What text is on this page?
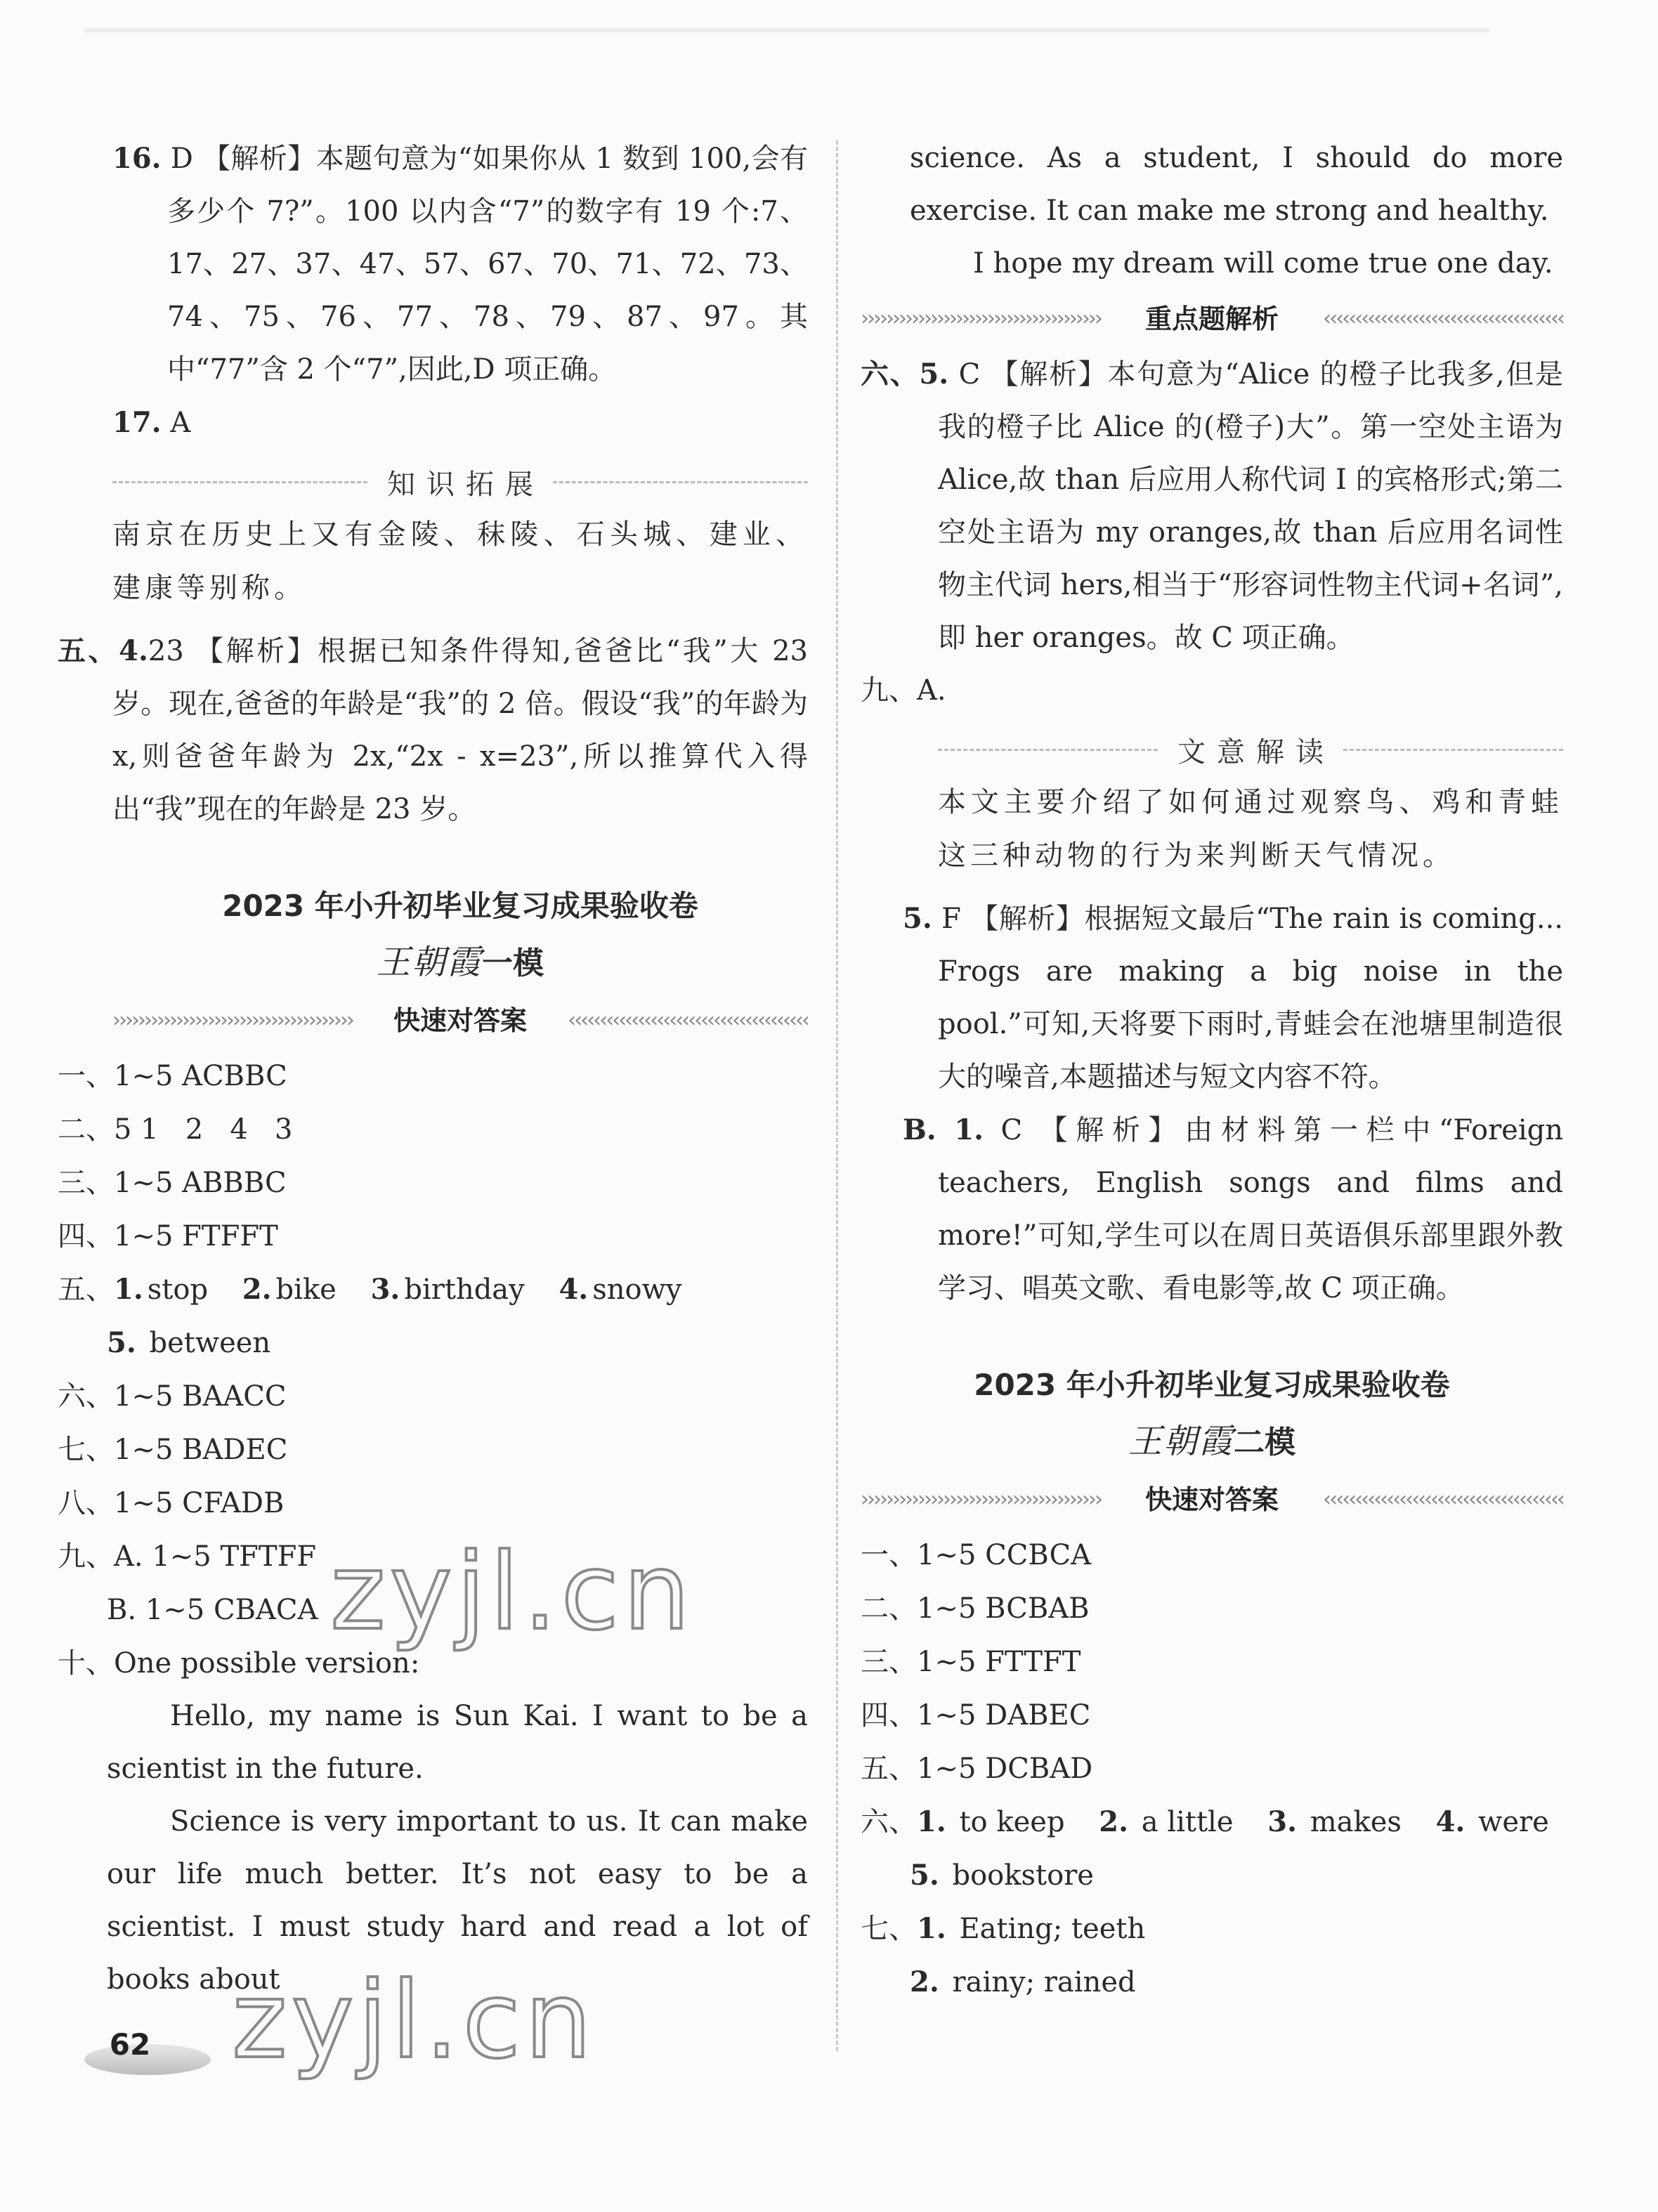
16. D 【解析】本题句意为“如果你从 1 数到 100,会有多少个 7?”。100 以内含“7”的数字有 19 个:7、17、27、37、47、57、67、70、71、72、73、74、75、76、77、78、79、87、97。其中“77”含 2 个“7”,因此,D 项正确。

17. A

知识拓展

南京在历史上又有金陵、秣陵、石头城、建业、建康等别称。

五、4.23 【解析】根据已知条件得知,爸爸比“我”大 23 岁。现在,爸爸的年龄是“我”的 2 倍。假设“我”的年龄为 x,则爸爸年龄为 2x,“2x - x=23”,所以推算代入得出“我”现在的年龄是 23 岁。

2023 年小升初毕业复习成果验收卷

王朝霞一模

››››››››››››››››››››››››››››››››››››››	快速对答案	‹‹‹‹‹‹‹‹‹‹‹‹‹‹‹‹‹‹‹‹‹‹‹‹‹‹‹‹‹‹‹‹‹‹‹‹‹‹

一、1~5 ACBBC

二、5 1   2   4   3

三、1~5 ABBBC

四、1~5 FTFFT

五、1. stop 2. bike 3. birthday 4. snowy

5. between

六、1~5 BAACC

七、1~5 BADEC

八、1~5 CFADB

九、A. 1~5 TFTFF

B. 1~5 CBACA

十、One possible version:

Hello, my name is Sun Kai. I want to be a scientist in the future.

Science is very important to us. It can make our life much better. It’s not easy to be a scientist. I must study hard and read a lot of books about

science. As a student, I should do more exercise. It can make me strong and healthy.

I hope my dream will come true one day.

››››››››››››››››››››››››››››››››››››››	重点题解析	‹‹‹‹‹‹‹‹‹‹‹‹‹‹‹‹‹‹‹‹‹‹‹‹‹‹‹‹‹‹‹‹‹‹‹‹‹‹

六、5. C 【解析】本句意为“Alice 的橙子比我多,但是我的橙子比 Alice 的(橙子)大”。第一空处主语为 Alice,故 than 后应用人称代词 I 的宾格形式;第二空处主语为 my oranges,故 than 后应用名词性物主代词 hers,相当于“形容词性物主代词+名词”,即 her oranges。故 C 项正确。

九、A.

文意解读

本文主要介绍了如何通过观察鸟、鸡和青蛙这三种动物的行为来判断天气情况。

5. F 【解析】根据短文最后“The rain is coming... Frogs are making a big noise in the pool.”可知,天将要下雨时,青蛙会在池塘里制造很大的噪音,本题描述与短文内容不符。

B. 1. C 【解析】由材料第一栏中“Foreign teachers, English songs and films and more!”可知,学生可以在周日英语俱乐部里跟外教学习、唱英文歌、看电影等,故 C 项正确。

2023 年小升初毕业复习成果验收卷

王朝霞二模

››››››››››››››››››››››››››››››››››››››	快速对答案	‹‹‹‹‹‹‹‹‹‹‹‹‹‹‹‹‹‹‹‹‹‹‹‹‹‹‹‹‹‹‹‹‹‹‹‹‹‹

一、1~5 CCBCA

二、1~5 BCBAB

三、1~5 FTTFT

四、1~5 DABEC

五、1~5 DCBAD

六、1. to keep 2. a little 3. makes 4. were

5. bookstore

七、1. Eating; teeth

2. rainy; rained

zyjl.cn
zyjl.cn
62
